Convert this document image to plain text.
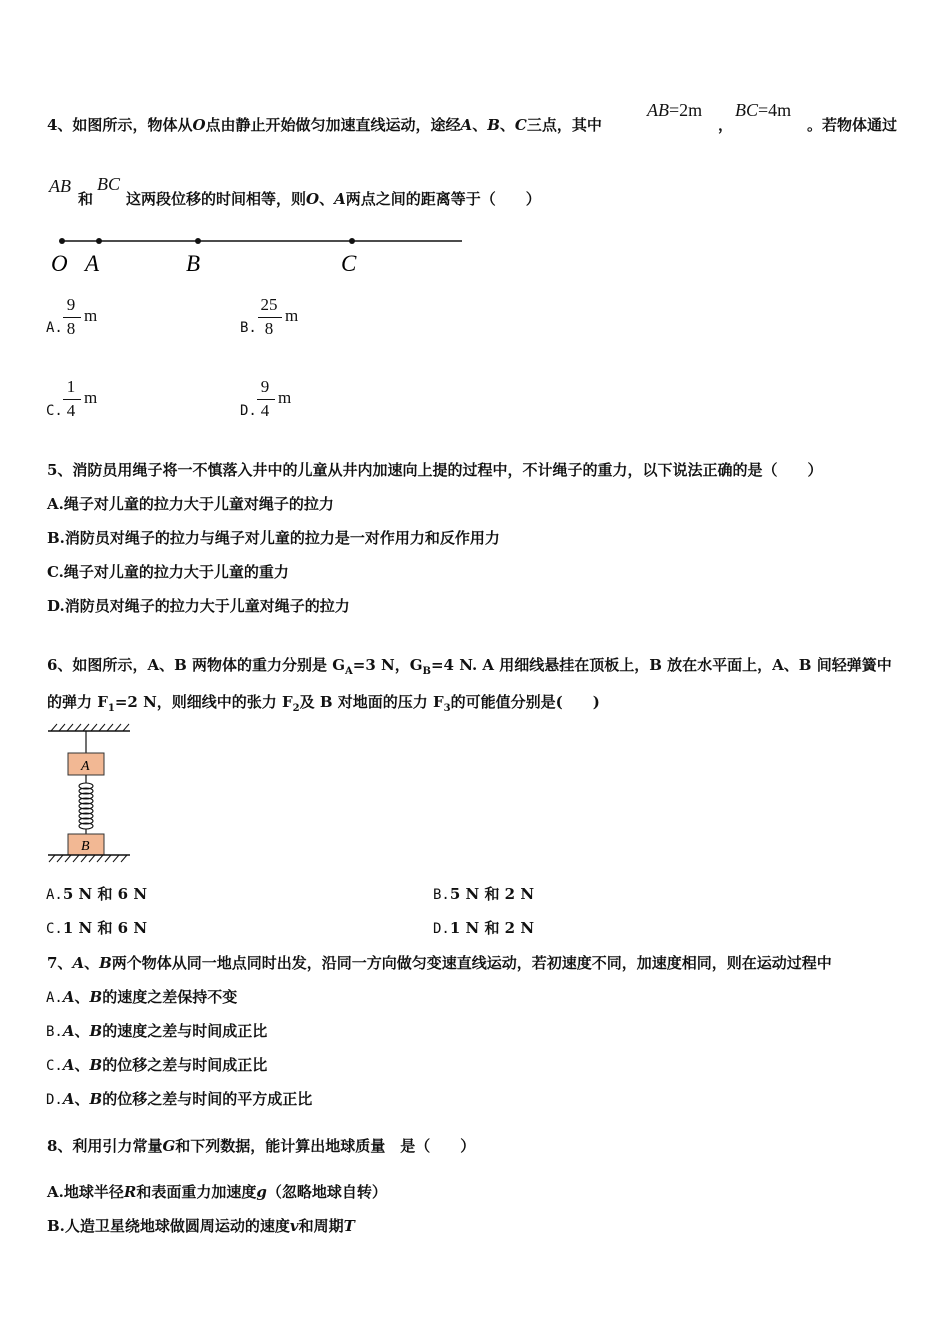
4、如图所示，物体从O点由静止开始做匀加速直线运动，途经A、B、C三点，其中
AB=2m
，
BC=4m
。若物体通过
AB
和
BC
这两段位移的时间相等，则O、A两点之间的距离等于（　　）
O A	B	C
A.
9
8
m
B.
25
8
m
C.
1
4
m
D.
9
4
m
5、消防员用绳子将一不慎落入井中的儿童从井内加速向上提的过程中，不计绳子的重力，以下说法正确的是（　　）
A.绳子对儿童的拉力大于儿童对绳子的拉力
B.消防员对绳子的拉力与绳子对儿童的拉力是一对作用力和反作用力
C.绳子对儿童的拉力大于儿童的重力
D.消防员对绳子的拉力大于儿童对绳子的拉力
6、如图所示，A、B 两物体的重力分别是 $G_A=3$ N，$G_B=4$ N. A 用细线悬挂在顶板上，B 放在水平面上，A、B 间轻弹簧中
的弹力 $F_1=2$ N，则细线中的张力 $F_2$及 B 对地面的压力 $F_3$的可能值分别是(　　)
A
B
A.5 N 和 6 N	B.5 N 和 2 N
C.1 N 和 6 N	D.1 N 和 2 N
7、A、B两个物体从同一地点同时出发，沿同一方向做匀变速直线运动，若初速度不同，加速度相同，则在运动过程中
A.A、B的速度之差保持不变
B.A、B的速度之差与时间成正比
C.A、B的位移之差与时间成正比
D.A、B的位移之差与时间的平方成正比
8、利用引力常量G和下列数据，能计算出地球质量　是（　　）
A.地球半径R和表面重力加速度g（忽略地球自转）
B.人造卫星绕地球做圆周运动的速度v和周期T
